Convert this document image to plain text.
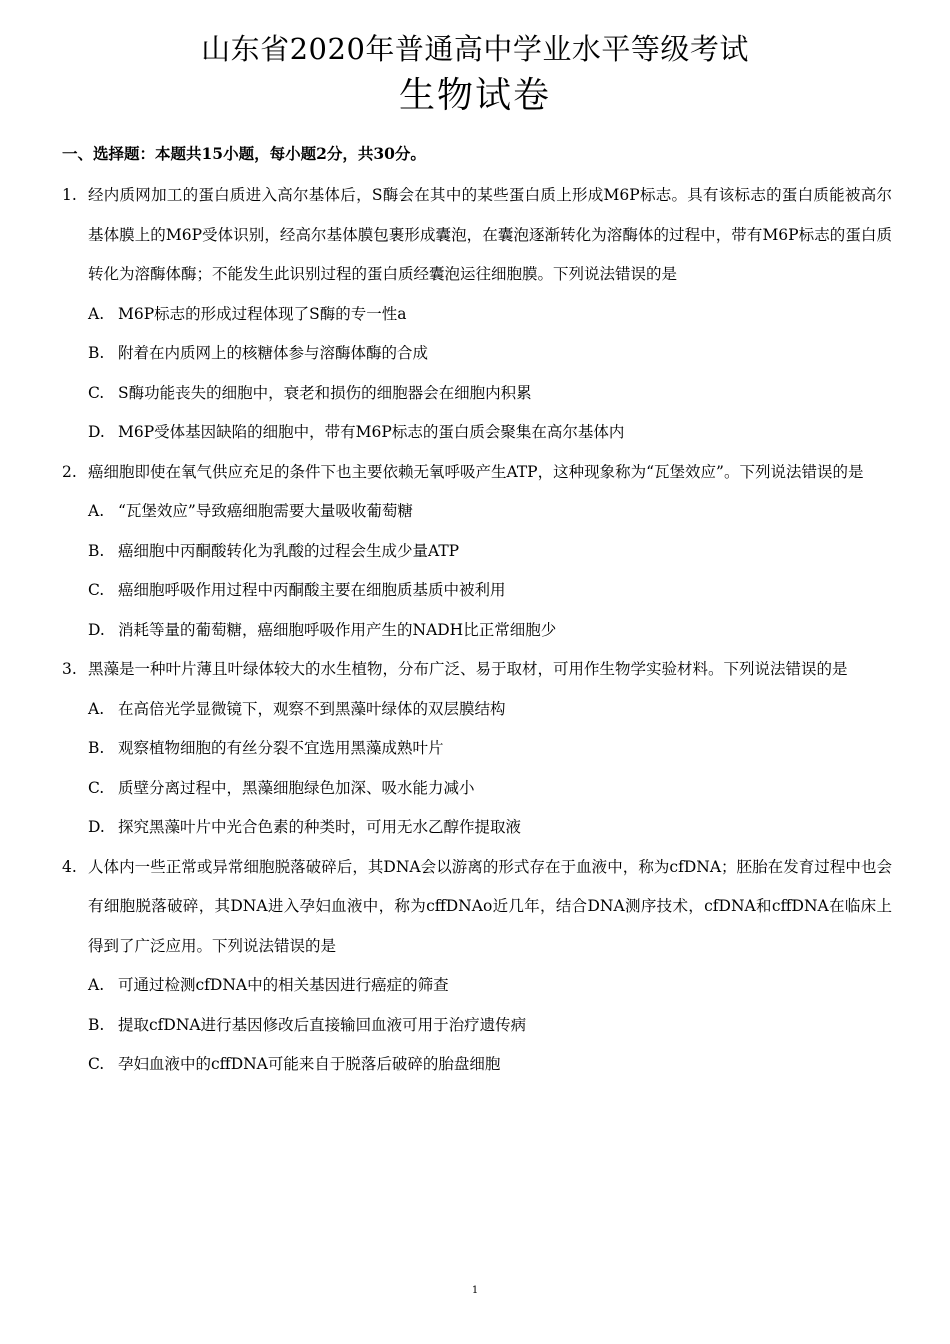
山东省2020年普通高中学业水平等级考试
生物试卷
一、选择题：本题共15小题，每小题2分，共30分。
1. 经内质网加工的蛋白质进入高尔基体后，S酶会在其中的某些蛋白质上形成M6P标志。具有该标志的蛋白质能被高尔基体膜上的M6P受体识别，经高尔基体膜包裹形成囊泡，在囊泡逐渐转化为溶酶体的过程中，带有M6P标志的蛋白质转化为溶酶体酶；不能发生此识别过程的蛋白质经囊泡运往细胞膜。下列说法错误的是
A. M6P标志的形成过程体现了S酶的专一性a
B. 附着在内质网上的核糖体参与溶酶体酶的合成
C. S酶功能丧失的细胞中，衰老和损伤的细胞器会在细胞内积累
D. M6P受体基因缺陷的细胞中，带有M6P标志的蛋白质会聚集在高尔基体内
2. 癌细胞即使在氧气供应充足的条件下也主要依赖无氧呼吸产生ATP，这种现象称为“瓦堡效应”。下列说法错误的是
A. “瓦堡效应”导致癌细胞需要大量吸收葡萄糖
B. 癌细胞中丙酮酸转化为乳酸的过程会生成少量ATP
C. 癌细胞呼吸作用过程中丙酮酸主要在细胞质基质中被利用
D. 消耗等量的葡萄糖，癌细胞呼吸作用产生的NADH比正常细胞少
3. 黑藻是一种叶片薄且叶绿体较大的水生植物，分布广泛、易于取材，可用作生物学实验材料。下列说法错误的是
A. 在高倍光学显微镜下，观察不到黑藻叶绿体的双层膜结构
B. 观察植物细胞的有丝分裂不宜选用黑藻成熟叶片
C. 质壁分离过程中，黑藻细胞绿色加深、吸水能力减小
D. 探究黑藻叶片中光合色素的种类时，可用无水乙醇作提取液
4. 人体内一些正常或异常细胞脱落破碎后，其DNA会以游离的形式存在于血液中，称为cfDNA；胚胎在发育过程中也会有细胞脱落破碎，其DNA进入孕妇血液中，称为cffDNAo近几年，结合DNA测序技术，cfDNA和cffDNA在临床上得到了广泛应用。下列说法错误的是
A. 可通过检测cfDNA中的相关基因进行癌症的筛查
B. 提取cfDNA进行基因修改后直接输回血液可用于治疗遗传病
C. 孕妇血液中的cffDNA可能来自于脱落后破碎的胎盘细胞
1
